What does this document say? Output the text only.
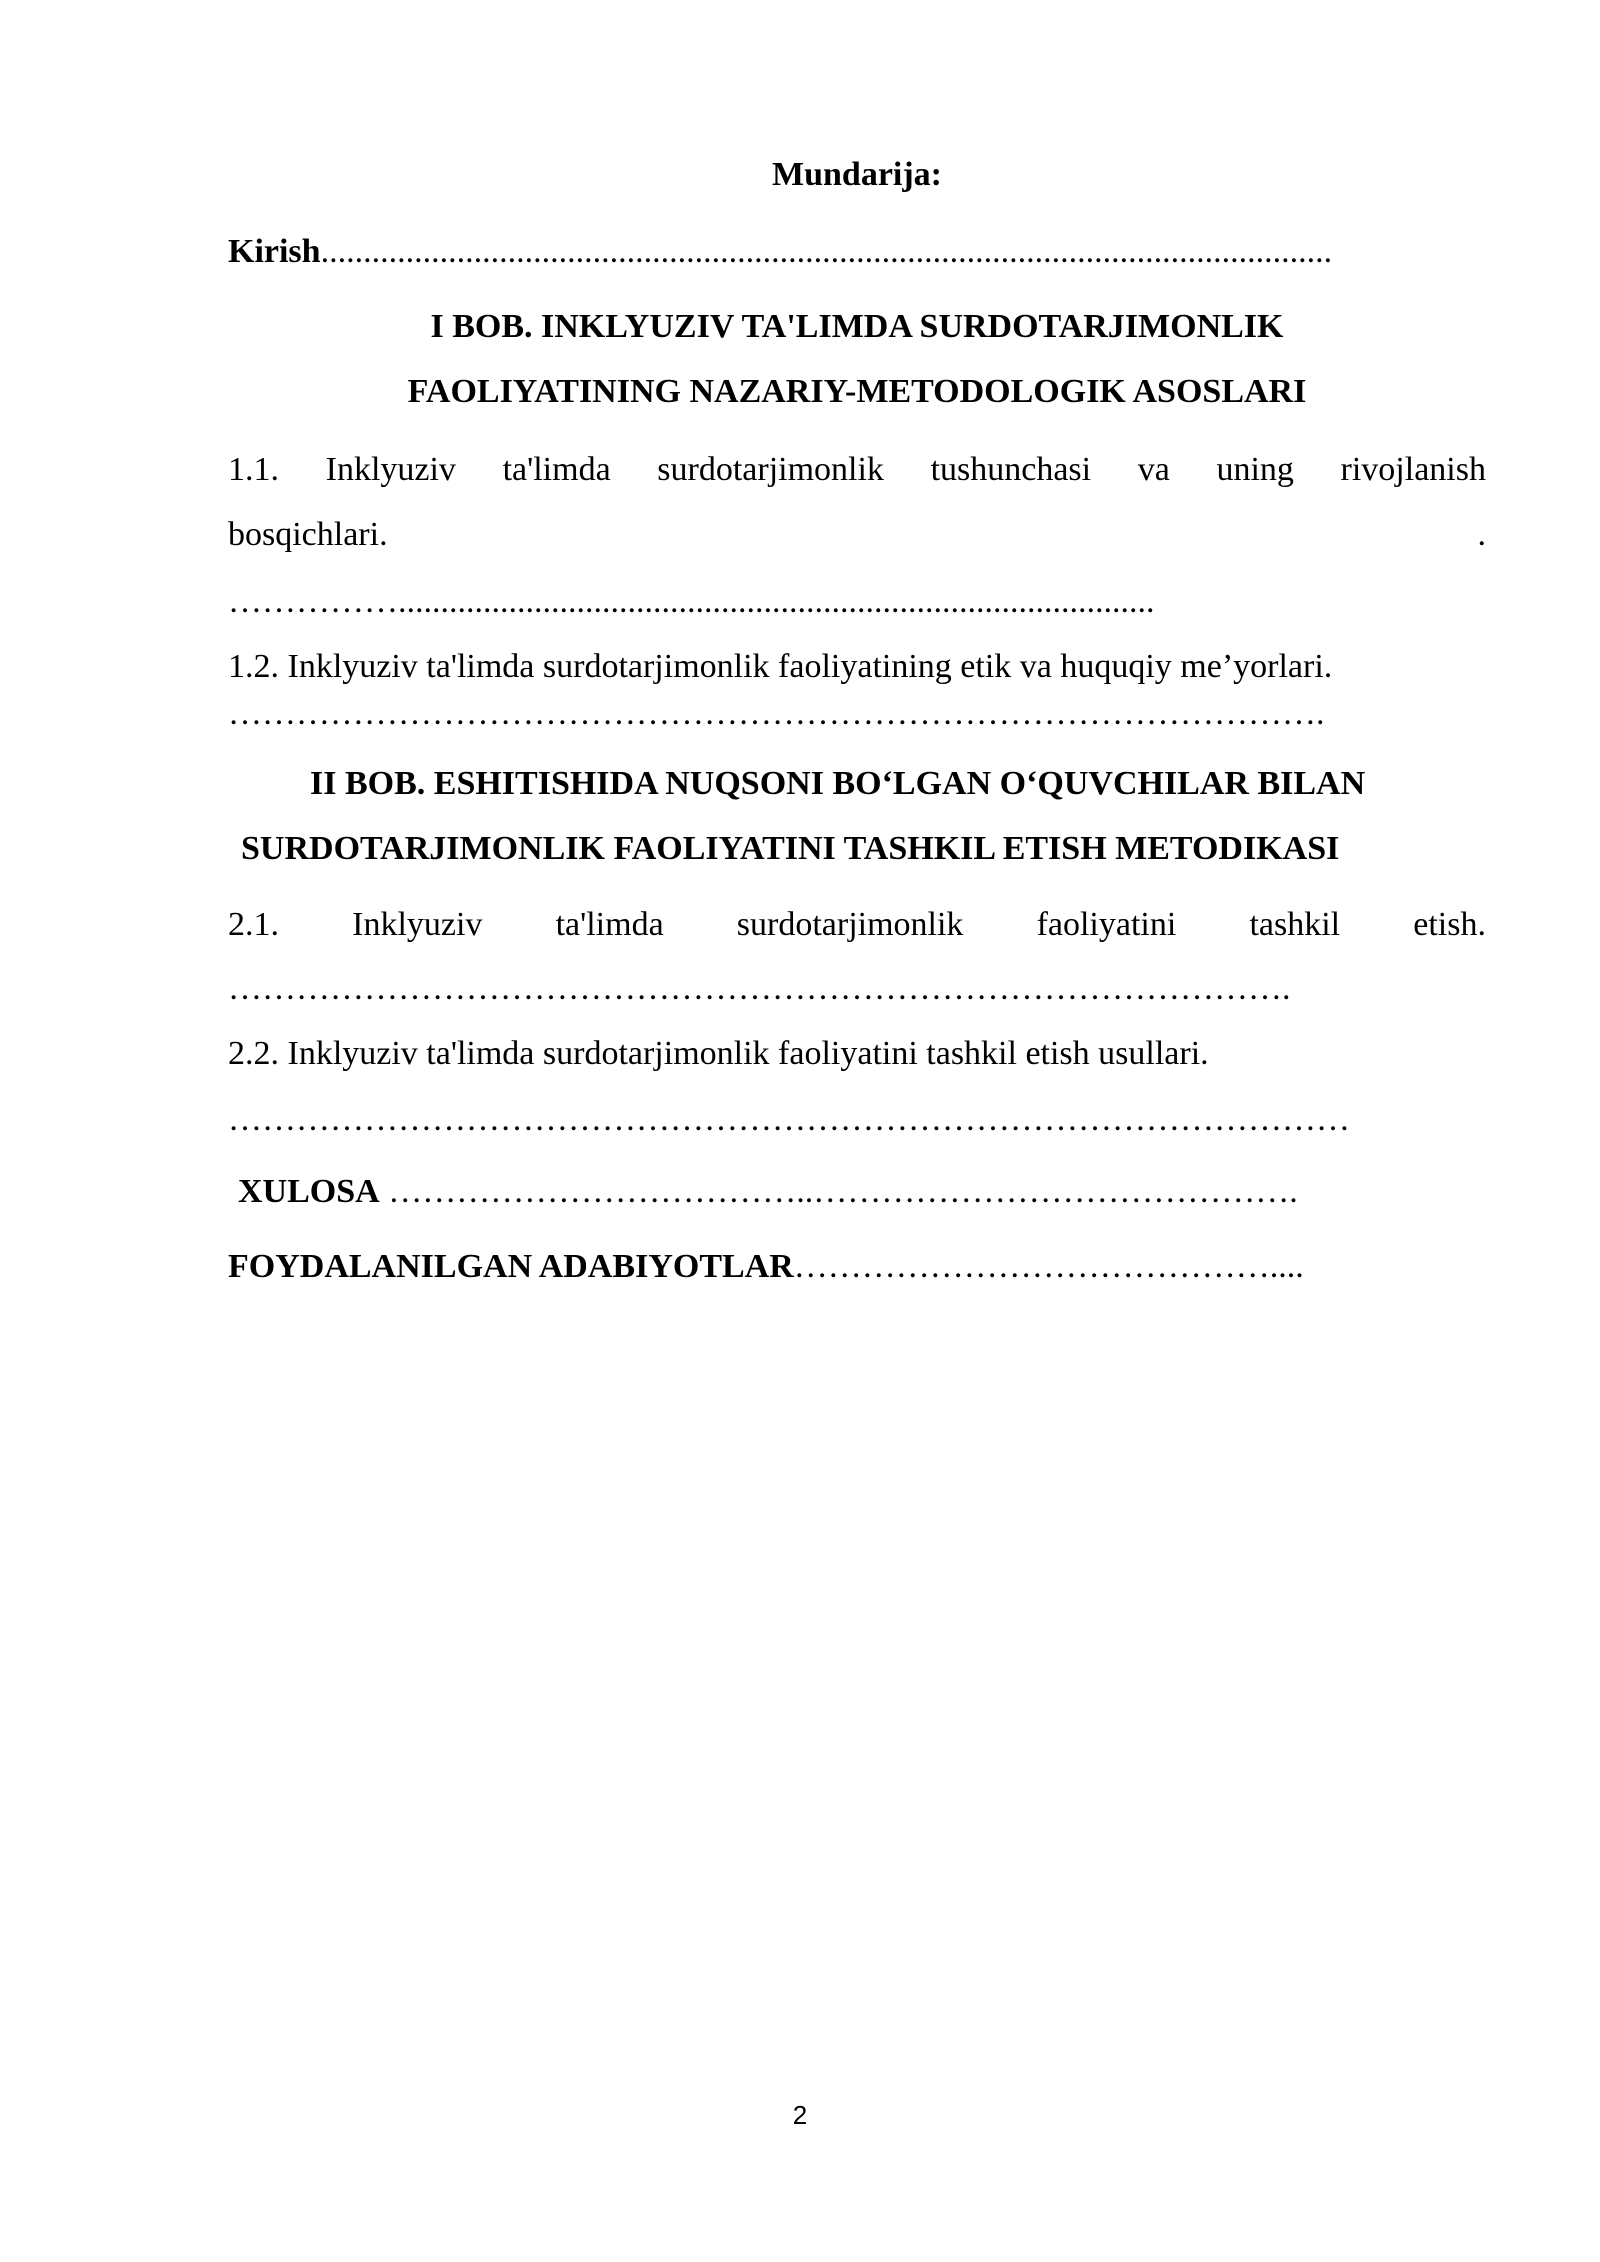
Mundarija:
Kirish.......................................................................................................................
I BOB. INKLYUZIV TA'LIMDA SURDOTARJIMONLIK
FAOLIYATINING NAZARIY-METODOLOGIK ASOSLARI
1.1. Inklyuziv ta'limda surdotarjimonlik tushunchasi va uning rivojlanish
bosqichlari.	.
…………….........................................................................................
1.2. Inklyuziv ta'limda surdotarjimonlik faoliyatining etik va huquqiy me’yorlari.
…………………………………………………………………………………….
II BOB. ESHITISHIDA NUQSONI BO‘LGAN O‘QUVCHILAR BILAN
SURDOTARJIMONLIK FAOLIYATINI TASHKIL ETISH METODIKASI
2.1. Inklyuziv ta'limda surdotarjimonlik faoliyatini tashkil etish.
………………………………………………………………………………….
2.2. Inklyuziv ta'limda surdotarjimonlik faoliyatini tashkil etish usullari.
………………………………………………………………………………………
XULOSA ………………………………..…………………………………….
FOYDALANILGAN ADABIYOTLAR……………………………………....
2
